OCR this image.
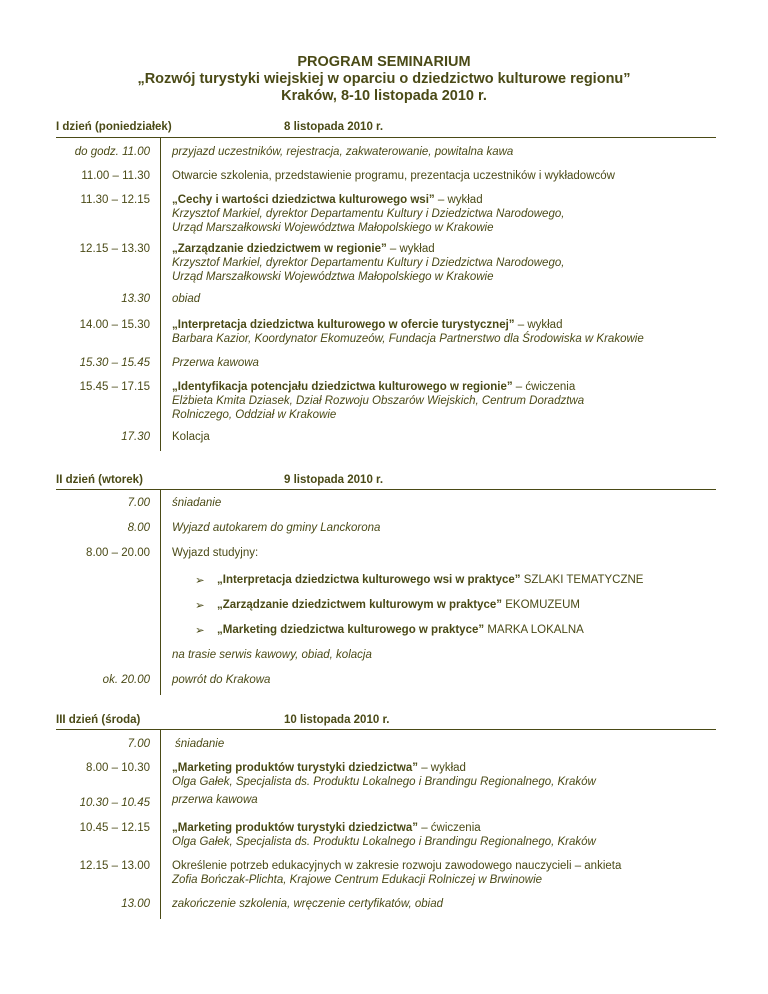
PROGRAM SEMINARIUM
„Rozwój turystyki wiejskiej w oparciu o dziedzictwo kulturowe regionu”
Kraków, 8-10 listopada 2010 r.
I dzień (poniedziałek)	8 listopada 2010 r.
do godz. 11.00 przyjazd uczestników, rejestracja, zakwaterowanie, powitalna kawa
11.00 – 11.30 Otwarcie szkolenia, przedstawienie programu, prezentacja uczestników i wykładowców
11.30 – 12.15 „Cechy i wartości dziedzictwa kulturowego wsi” – wykład
Krzysztof Markiel, dyrektor Departamentu Kultury i Dziedzictwa Narodowego,
Urząd Marszałkowski Województwa Małopolskiego w Krakowie
12.15 – 13.30 „Zarządzanie dziedzictwem w regionie” – wykład
Krzysztof Markiel, dyrektor Departamentu Kultury i Dziedzictwa Narodowego,
Urząd Marszałkowski Województwa Małopolskiego w Krakowie
13.30 obiad
14.00 – 15.30 „Interpretacja dziedzictwa kulturowego w ofercie turystycznej” – wykład
Barbara Kazior, Koordynator Ekomuzeów, Fundacja Partnerstwo dla Środowiska w Krakowie
15.30 – 15.45 Przerwa kawowa
15.45 – 17.15 „Identyfikacja potencjału dziedzictwa kulturowego w regionie” – ćwiczenia
Elżbieta Kmita Dziasek, Dział Rozwoju Obszarów Wiejskich, Centrum Doradztwa
Rolniczego, Oddział w Krakowie
17.30 Kolacja
II dzień (wtorek)	9 listopada 2010 r.
7.00 śniadanie
8.00 Wyjazd autokarem do gminy Lanckorona
8.00 – 20.00 Wyjazd studyjny:
➢ „Interpretacja dziedzictwa kulturowego wsi w praktyce” SZLAKI TEMATYCZNE
➢ „Zarządzanie dziedzictwem kulturowym w praktyce” EKOMUZEUM
➢ „Marketing dziedzictwa kulturowego w praktyce” MARKA LOKALNA
na trasie serwis kawowy, obiad, kolacja
ok. 20.00 powrót do Krakowa
III dzień (środa)	10 listopada 2010 r.
7.00 śniadanie
8.00 – 10.30 „Marketing produktów turystyki dziedzictwa” – wykład
Olga Gałek, Specjalista ds. Produktu Lokalnego i Brandingu Regionalnego, Kraków
10.30 – 10.45 przerwa kawowa
10.45 – 12.15 „Marketing produktów turystyki dziedzictwa” – ćwiczenia
Olga Gałek, Specjalista ds. Produktu Lokalnego i Brandingu Regionalnego, Kraków
12.15 – 13.00 Określenie potrzeb edukacyjnych w zakresie rozwoju zawodowego nauczycieli – ankieta
Zofia Bończak-Plichta, Krajowe Centrum Edukacji Rolniczej w Brwinowie
13.00 zakończenie szkolenia, wręczenie certyfikatów, obiad
